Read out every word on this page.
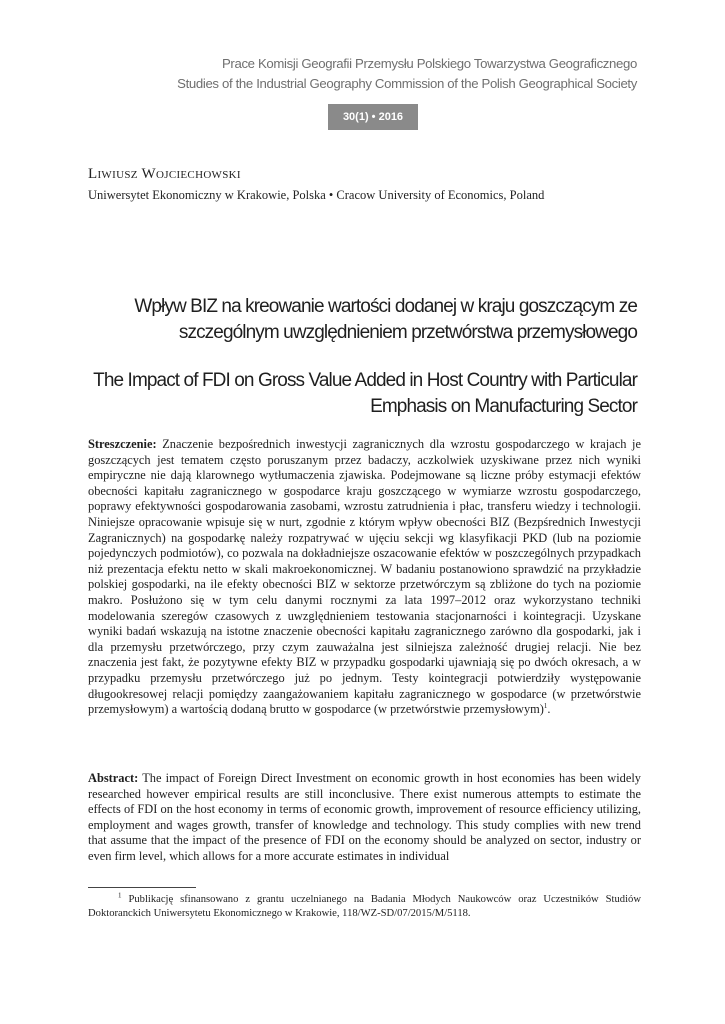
Prace Komisji Geografii Przemysłu Polskiego Towarzystwa Geograficznego
Studies of the Industrial Geography Commission of the Polish Geographical Society
30(1) • 2016
Liwiusz Wojciechowski
Uniwersytet Ekonomiczny w Krakowie, Polska • Cracow University of Economics, Poland
Wpływ BIZ na kreowanie wartości dodanej w kraju goszczącym ze szczególnym uwzględnieniem przetwórstwa przemysłowego
The Impact of FDI on Gross Value Added in Host Country with Particular Emphasis on Manufacturing Sector
Streszczenie: Znaczenie bezpośrednich inwestycji zagranicznych dla wzrostu gospodarczego w krajach je goszczących jest tematem często poruszanym przez badaczy, aczkolwiek uzyskiwane przez nich wyniki empiryczne nie dają klarownego wytłumaczenia zjawiska. Podejmowane są liczne próby estymacji efektów obecności kapitału zagranicznego w gospodarce kraju goszczącego w wymiarze wzrostu gospodarczego, poprawy efektywności gospodarowania zasobami, wzrostu zatrudnienia i płac, transferu wiedzy i technologii. Niniejsze opracowanie wpisuje się w nurt, zgodnie z którym wpływ obecności BIZ (Bezpśrednich Inwestycji Zagranicznych) na gospodarkę należy rozpatrywać w ujęciu sekcji wg klasyfikacji PKD (lub na poziomie pojedynczych podmiotów), co pozwala na dokładniejsze oszacowanie efektów w poszczególnych przypadkach niż prezentacja efektu netto w skali makroekonomicznej. W badaniu postanowiono sprawdzić na przykładzie polskiej gospodarki, na ile efekty obecności BIZ w sektorze przetwórczym są zbliżone do tych na poziomie makro. Posłużono się w tym celu danymi rocznymi za lata 1997–2012 oraz wykorzystano techniki modelowania szeregów czasowych z uwzględnieniem testowania stacjonarności i kointegracji. Uzyskane wyniki badań wskazują na istotne znaczenie obecności kapitału zagranicznego zarówno dla gospodarki, jak i dla przemysłu przetwórczego, przy czym zauważalna jest silniejsza zależność drugiej relacji. Nie bez znaczenia jest fakt, że pozytywne efekty BIZ w przypadku gospodarki ujawniają się po dwóch okresach, a w przypadku przemysłu przetwórczego już po jednym. Testy kointegracji potwierdziły występowanie długookresowej relacji pomiędzy zaangażowaniem kapitału zagranicznego w gospodarce (w przetwórstwie przemysłowym) a wartością dodaną brutto w gospodarce (w przetwórstwie przemysłowym)$^1$.
Abstract: The impact of Foreign Direct Investment on economic growth in host economies has been widely researched however empirical results are still inconclusive. There exist numerous attempts to estimate the effects of FDI on the host economy in terms of economic growth, improvement of resource efficiency utilizing, employment and wages growth, transfer of knowledge and technology. This study complies with new trend that assume that the impact of the presence of FDI on the economy should be analyzed on sector, industry or even firm level, which allows for a more accurate estimates in individual
$^1$ Publikację sfinansowano z grantu uczelnianego na Badania Młodych Naukowców oraz Uczestników Studiów Doktoranckich Uniwersytetu Ekonomicznego w Krakowie, 118/WZ-SD/07/2015/M/5118.
